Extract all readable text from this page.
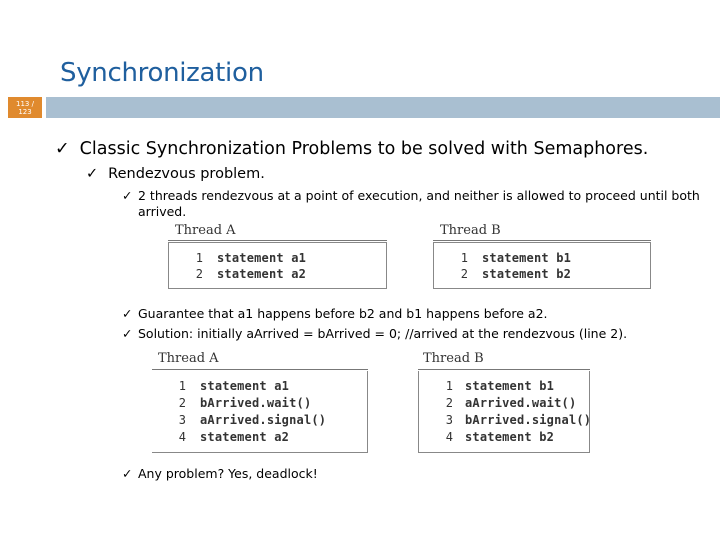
Synchronization
113 /
123
✓ Classic Synchronization Problems to be solved with Semaphores.
✓ Rendezvous problem.
✓ 2 threads rendezvous at a point of execution, and neither is allowed to proceed until both
arrived.
Thread A
1 statement a1
2 statement a2
Thread B
1 statement b1
2 statement b2
✓ Guarantee that a1 happens before b2 and b1 happens before a2.
✓ Solution: initially aArrived = bArrived = 0; //arrived at the rendezvous (line 2).
Thread A
1 statement a1
2 bArrived.wait()
3 aArrived.signal()
4 statement a2
Thread B
1 statement b1
2 aArrived.wait()
3 bArrived.signal()
4 statement b2
✓ Any problem? Yes, deadlock!
